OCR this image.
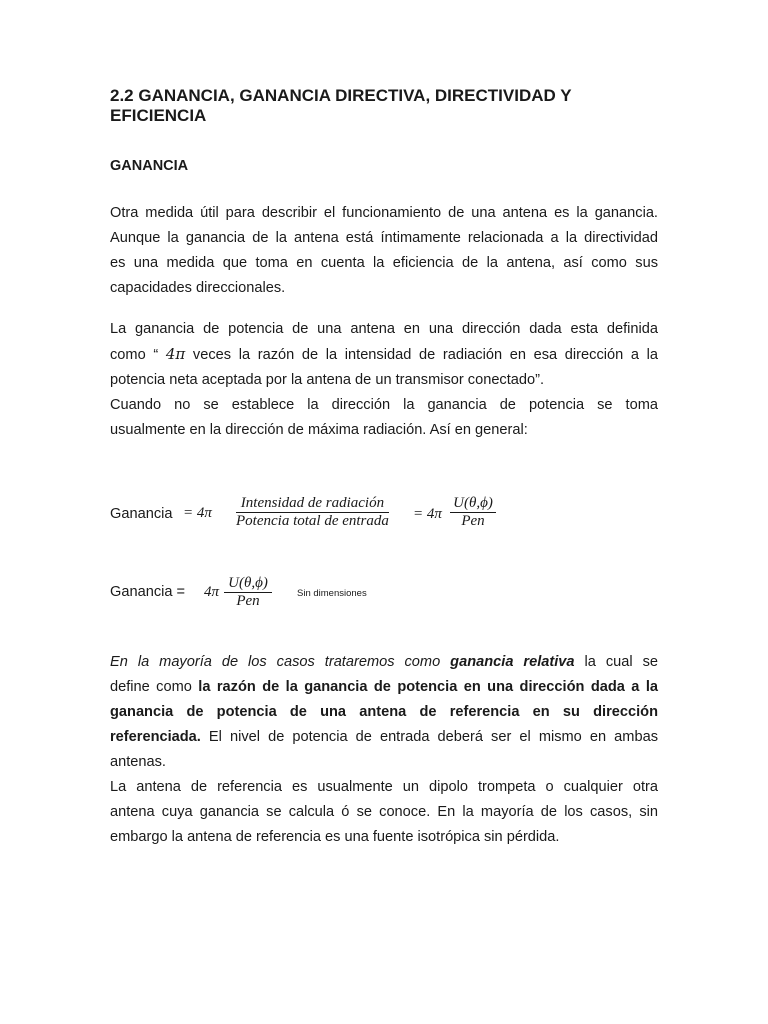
2.2 GANANCIA, GANANCIA DIRECTIVA, DIRECTIVIDAD Y EFICIENCIA
GANANCIA
Otra medida útil para describir el funcionamiento de una antena es la ganancia.
Aunque la ganancia de la antena está íntimamente relacionada a la directividad
es una medida que toma en cuenta la eficiencia de la antena, así como sus
capacidades direccionales.
La ganancia de potencia de una antena en una dirección dada esta definida
como “ 4π veces la razón de la intensidad de radiación en esa dirección a la
potencia neta aceptada por la antena de un transmisor conectado”.
Cuando no se establece la dirección la ganancia de potencia se toma
usualmente en la dirección de máxima radiación. Así en general:
Ganancia = 4π
Intensidad de radiación
Potencia total de entrada = 4π
U(θ,ϕ)
Pen
Ganancia = 4π
U(θ,ϕ)
Pen	Sin dimensiones
En la mayoría de los casos trataremos como ganancia relativa la cual se
define como la razón de la ganancia de potencia en una dirección dada a la
ganancia de potencia de una antena de referencia en su dirección
referenciada. El nivel de potencia de entrada deberá ser el mismo en ambas
antenas.
La antena de referencia es usualmente un dipolo trompeta o cualquier otra
antena cuya ganancia se calcula ó se conoce. En la mayoría de los casos, sin
embargo la antena de referencia es una fuente isotrópica sin pérdida.
